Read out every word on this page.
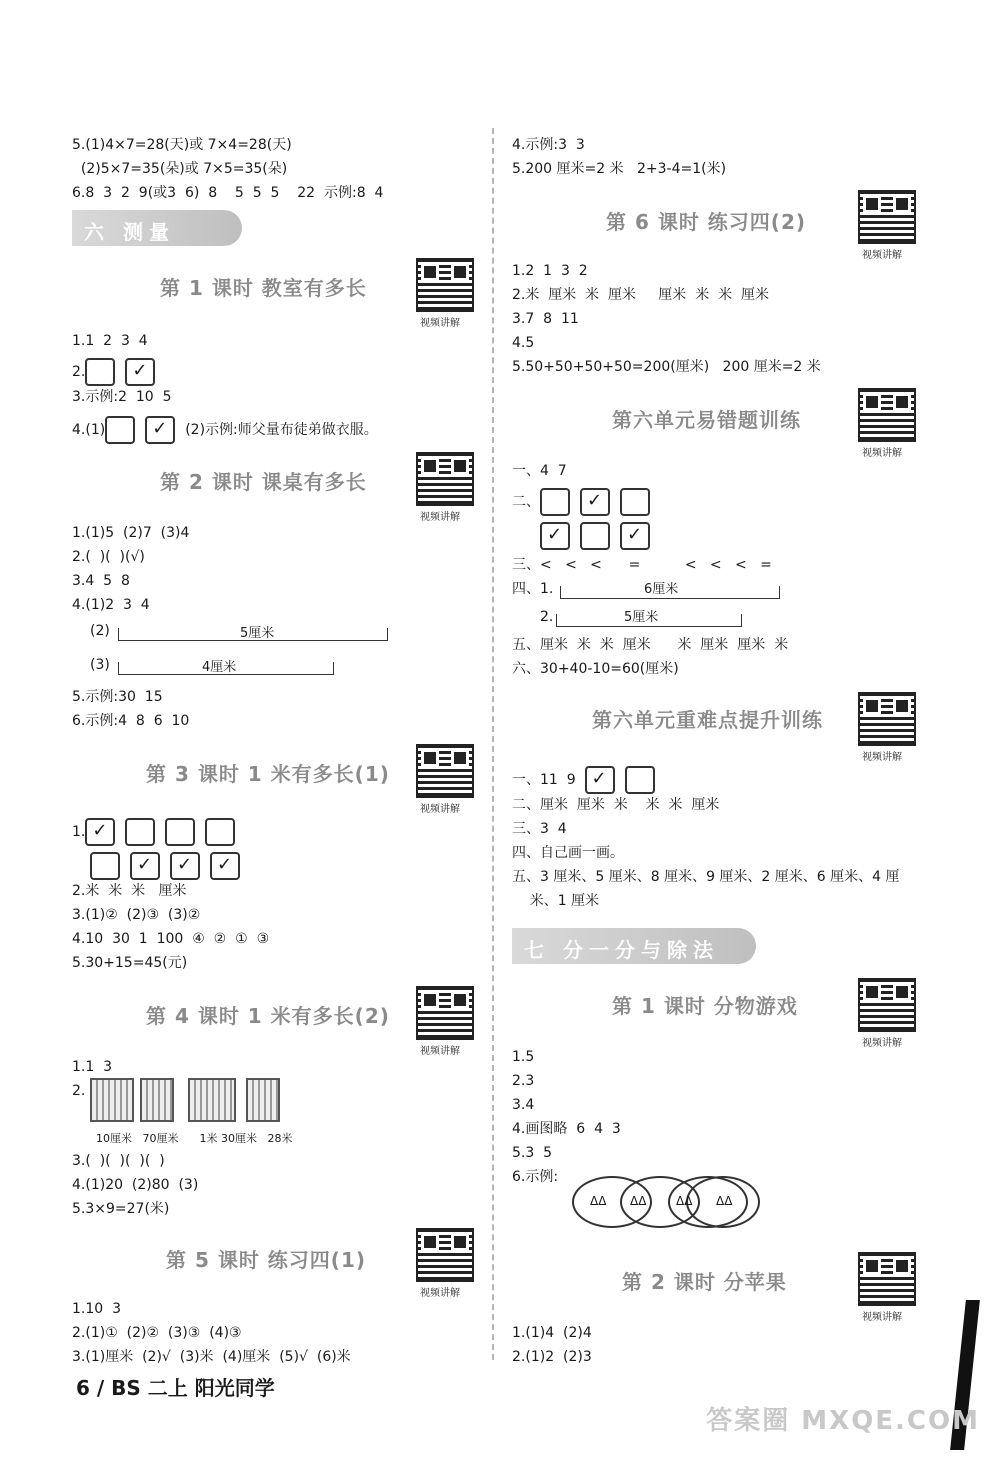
5.(1)4×7=28(天)或 7×4=28(天)
(2)5×7=35(朵)或 7×5=35(朵)
6.8  3  2  9(或3  6)  8    5  5  5    22  示例:8  4
六 测量
第 1 课时 教室有多长
视频讲解
1.1  2  3  4
2. ✓
3.示例:2  10  5
4.(1) ✓	(2)示例:师父量布徒弟做衣服。
第 2 课时 课桌有多长
视频讲解
1.(1)5  (2)7  (3)4
2.(  )(  )(√)
3.4  5  8
4.(1)2  3  4
(2)	5厘米
(3)	4厘米
5.示例:30  15
6.示例:4  8  6  10
第 3 课时 1 米有多长(1)
视频讲解
1. ✓
✓ ✓ ✓
2.米  米  米   厘米
3.(1)②  (2)③  (3)②
4.10  30  1  100  ④  ②  ①  ③
5.30+15=45(元)
第 4 课时 1 米有多长(2)
视频讲解
1.1  3
2.
10厘米 70厘米 1米 30厘米 28米
3.(  )(  )(  )(  )
4.(1)20  (2)80  (3)
5.3×9=27(米)
第 5 课时 练习四(1)
视频讲解
1.10  3
2.(1)①  (2)②  (3)③  (4)③
3.(1)厘米  (2)√  (3)米  (4)厘米  (5)√  (6)米
4.示例:3  3
5.200 厘米=2 米   2+3-4=1(米)
第 6 课时 练习四(2)
视频讲解
1.2  1  3  2
2.米  厘米  米  厘米     厘米  米  米  厘米
3.7  8  11
4.5
5.50+50+50+50=200(厘米)   200 厘米=2 米
第六单元易错题训练
视频讲解
一、4  7
二、 ✓
✓ ✓
三、<   <   <      =          <   <   <   =
四、1.	6厘米
2.	5厘米
五、厘米  米  米  厘米      米  厘米  厘米  米
六、30+40-10=60(厘米)
第六单元重难点提升训练
视频讲解
一、11  9   ✓
二、厘米  厘米  米    米  米  厘米
三、3  4
四、自己画一画。
五、3 厘米、5 厘米、8 厘米、9 厘米、2 厘米、6 厘米、4 厘
米、1 厘米
七 分一分与除法
第 1 课时 分物游戏
视频讲解
1.5
2.3
3.4
4.画图略  6  4  3
5.3  5
6.示例:
ΔΔ ΔΔ ΔΔ ΔΔ
第 2 课时 分苹果
视频讲解
1.(1)4  (2)4
2.(1)2  (2)3
6 / BS 二上 阳光同学
答案圈 MXQE.COM
